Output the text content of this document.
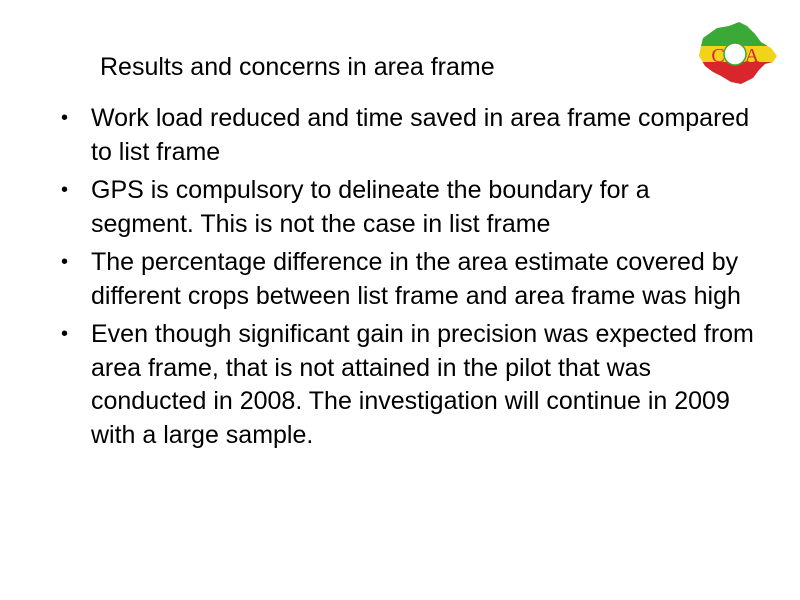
S
C A
Results and concerns in area frame
• Work load reduced and time saved in area frame compared to list frame
• GPS is compulsory to delineate the boundary for a segment. This is not the case in list frame
• The percentage difference in the area estimate covered by different crops between list frame and area frame was high
• Even though significant gain in precision was expected from area frame, that is not attained in the pilot that was conducted in 2008. The investigation will continue in 2009 with a large sample.
